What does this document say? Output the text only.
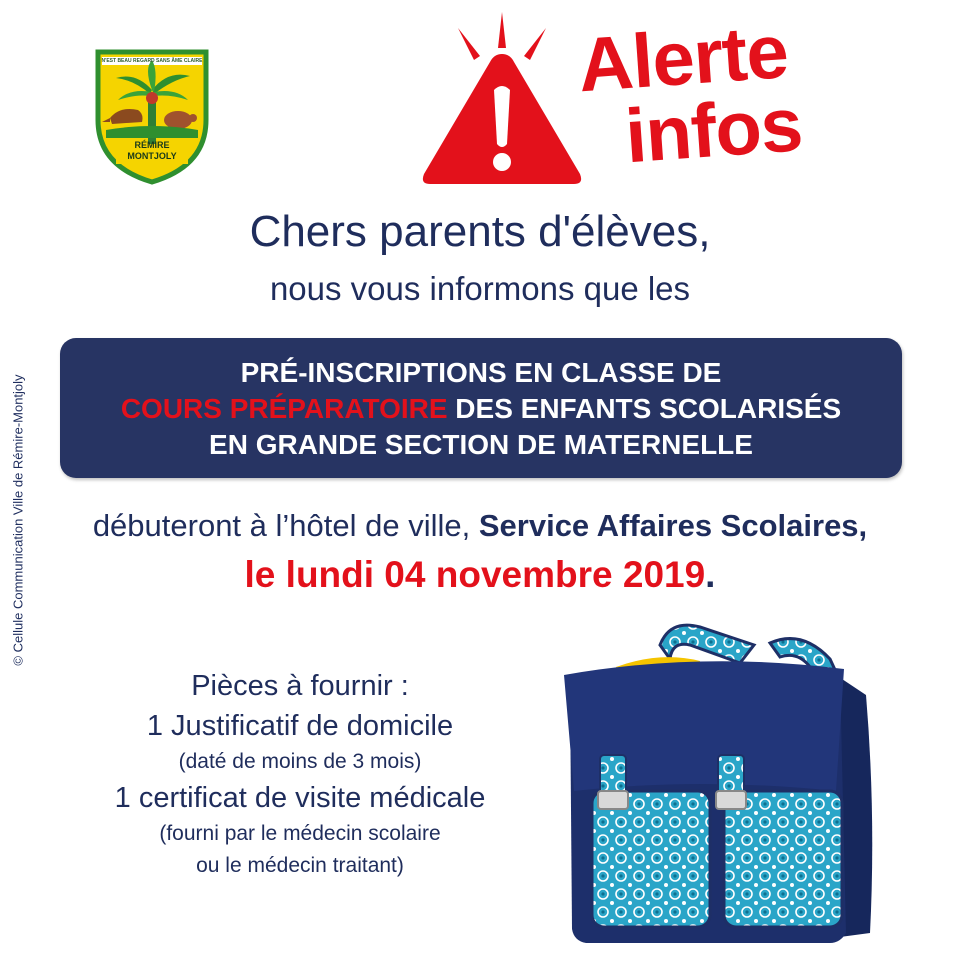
© Cellule Communication Ville de Rémire-Montjoly
N'EST BEAU REGARD SANS ÂME CLAIRE
RÉMIRE
MONTJOLY
Alerte
infos
Chers parents d'élèves,
nous vous informons que les
PRÉ-INSCRIPTIONS EN CLASSE DE
COURS PRÉPARATOIRE DES ENFANTS SCOLARISÉS
EN GRANDE SECTION DE MATERNELLE
débuteront à l’hôtel de ville, Service Affaires Scolaires,
le lundi 04 novembre 2019.
Pièces à fournir :
1 Justificatif de domicile
(daté de moins de 3 mois)
1 certificat de visite médicale
(fourni par le médecin scolaire
ou le médecin traitant)
